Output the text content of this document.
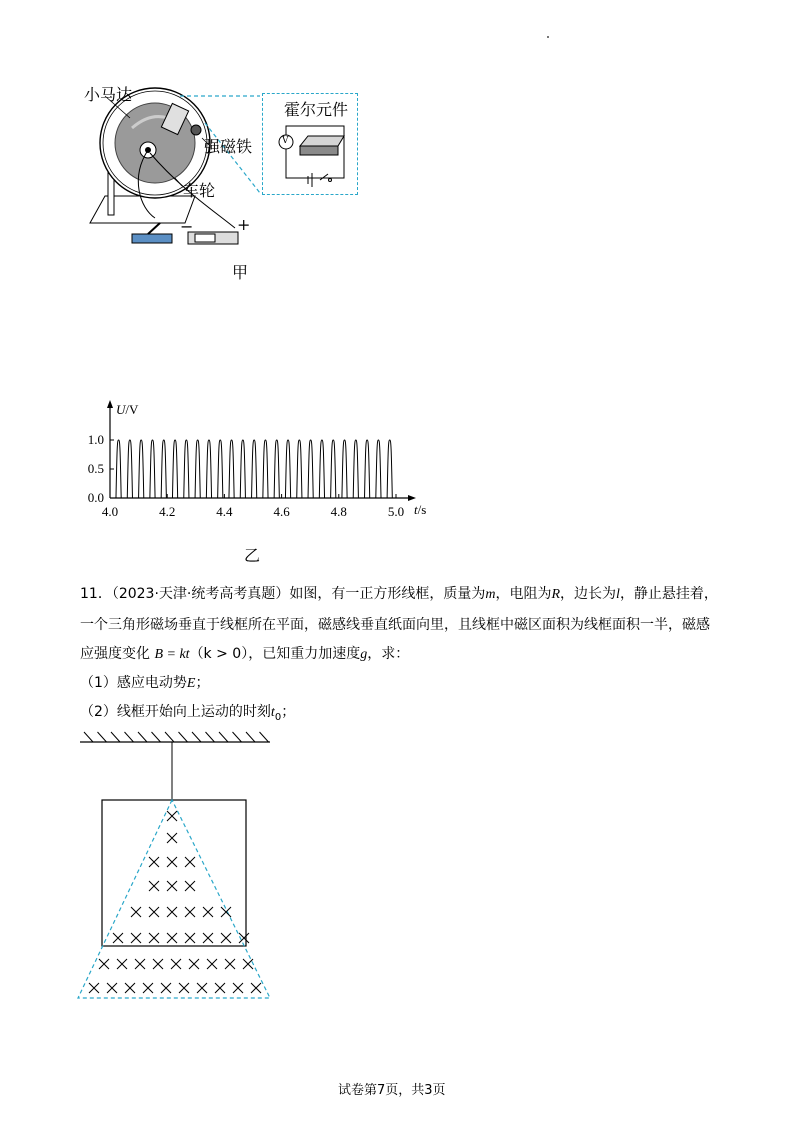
小马达
强磁铁
车轮
−	+
霍尔元件
V
甲
0.0
0.5
1.0
4.0	4.2	4.4	4.6	4.8	5.0
U/V
t/s
乙
11．（2023·天津·统考高考真题）如图，有一正方形线框，质量为m，电阻为R，边长为l，静止悬挂着，
一个三角形磁场垂直于线框所在平面，磁感线垂直纸面向里，且线框中磁区面积为线框面积一半，磁感
应强度变化 B = kt（k > 0），已知重力加速度g，求：
（1）感应电动势E；
（2）线框开始向上运动的时刻$t_0$；
试卷第7页，共3页
